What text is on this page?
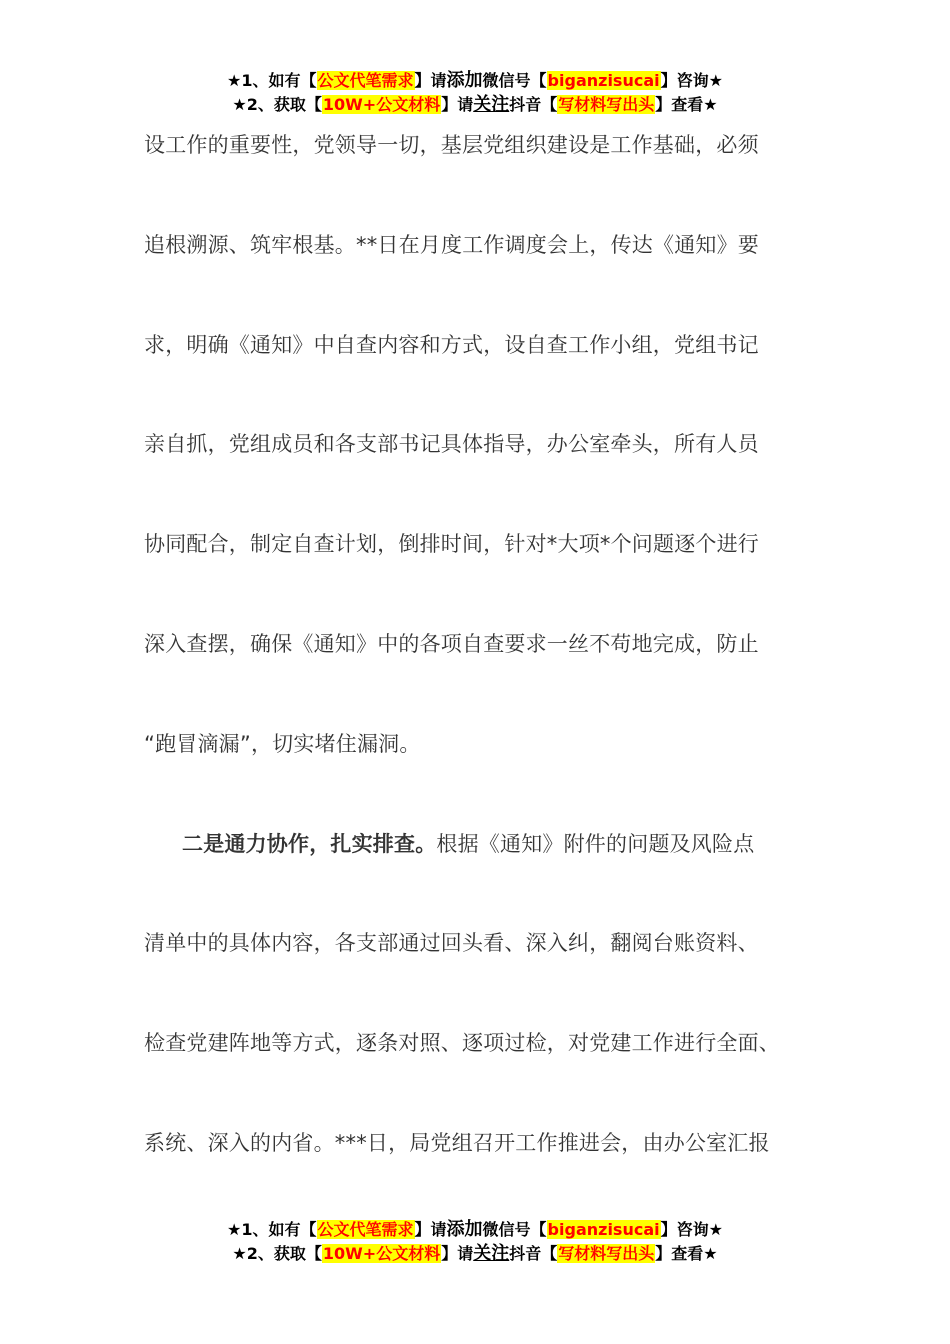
★1、如有【公文代笔需求】请添加微信号【biganzisucai】咨询★
★2、获取【10W+公文材料】请关注抖音【写材料写出头】查看★
设工作的重要性，党领导一切，基层党组织建设是工作基础，必须
追根溯源、筑牢根基。**日在月度工作调度会上，传达《通知》要
求，明确《通知》中自查内容和方式，设自查工作小组，党组书记
亲自抓，党组成员和各支部书记具体指导，办公室牵头，所有人员
协同配合，制定自查计划，倒排时间，针对*大项*个问题逐个进行
深入查摆，确保《通知》中的各项自查要求一丝不苟地完成，防止
“跑冒滴漏”，切实堵住漏洞。
二是通力协作，扎实排查。根据《通知》附件的问题及风险点
清单中的具体内容，各支部通过回头看、深入纠，翻阅台账资料、
检查党建阵地等方式，逐条对照、逐项过检，对党建工作进行全面、
系统、深入的内省。***日，局党组召开工作推进会，由办公室汇报
★1、如有【公文代笔需求】请添加微信号【biganzisucai】咨询★
★2、获取【10W+公文材料】请关注抖音【写材料写出头】查看★
